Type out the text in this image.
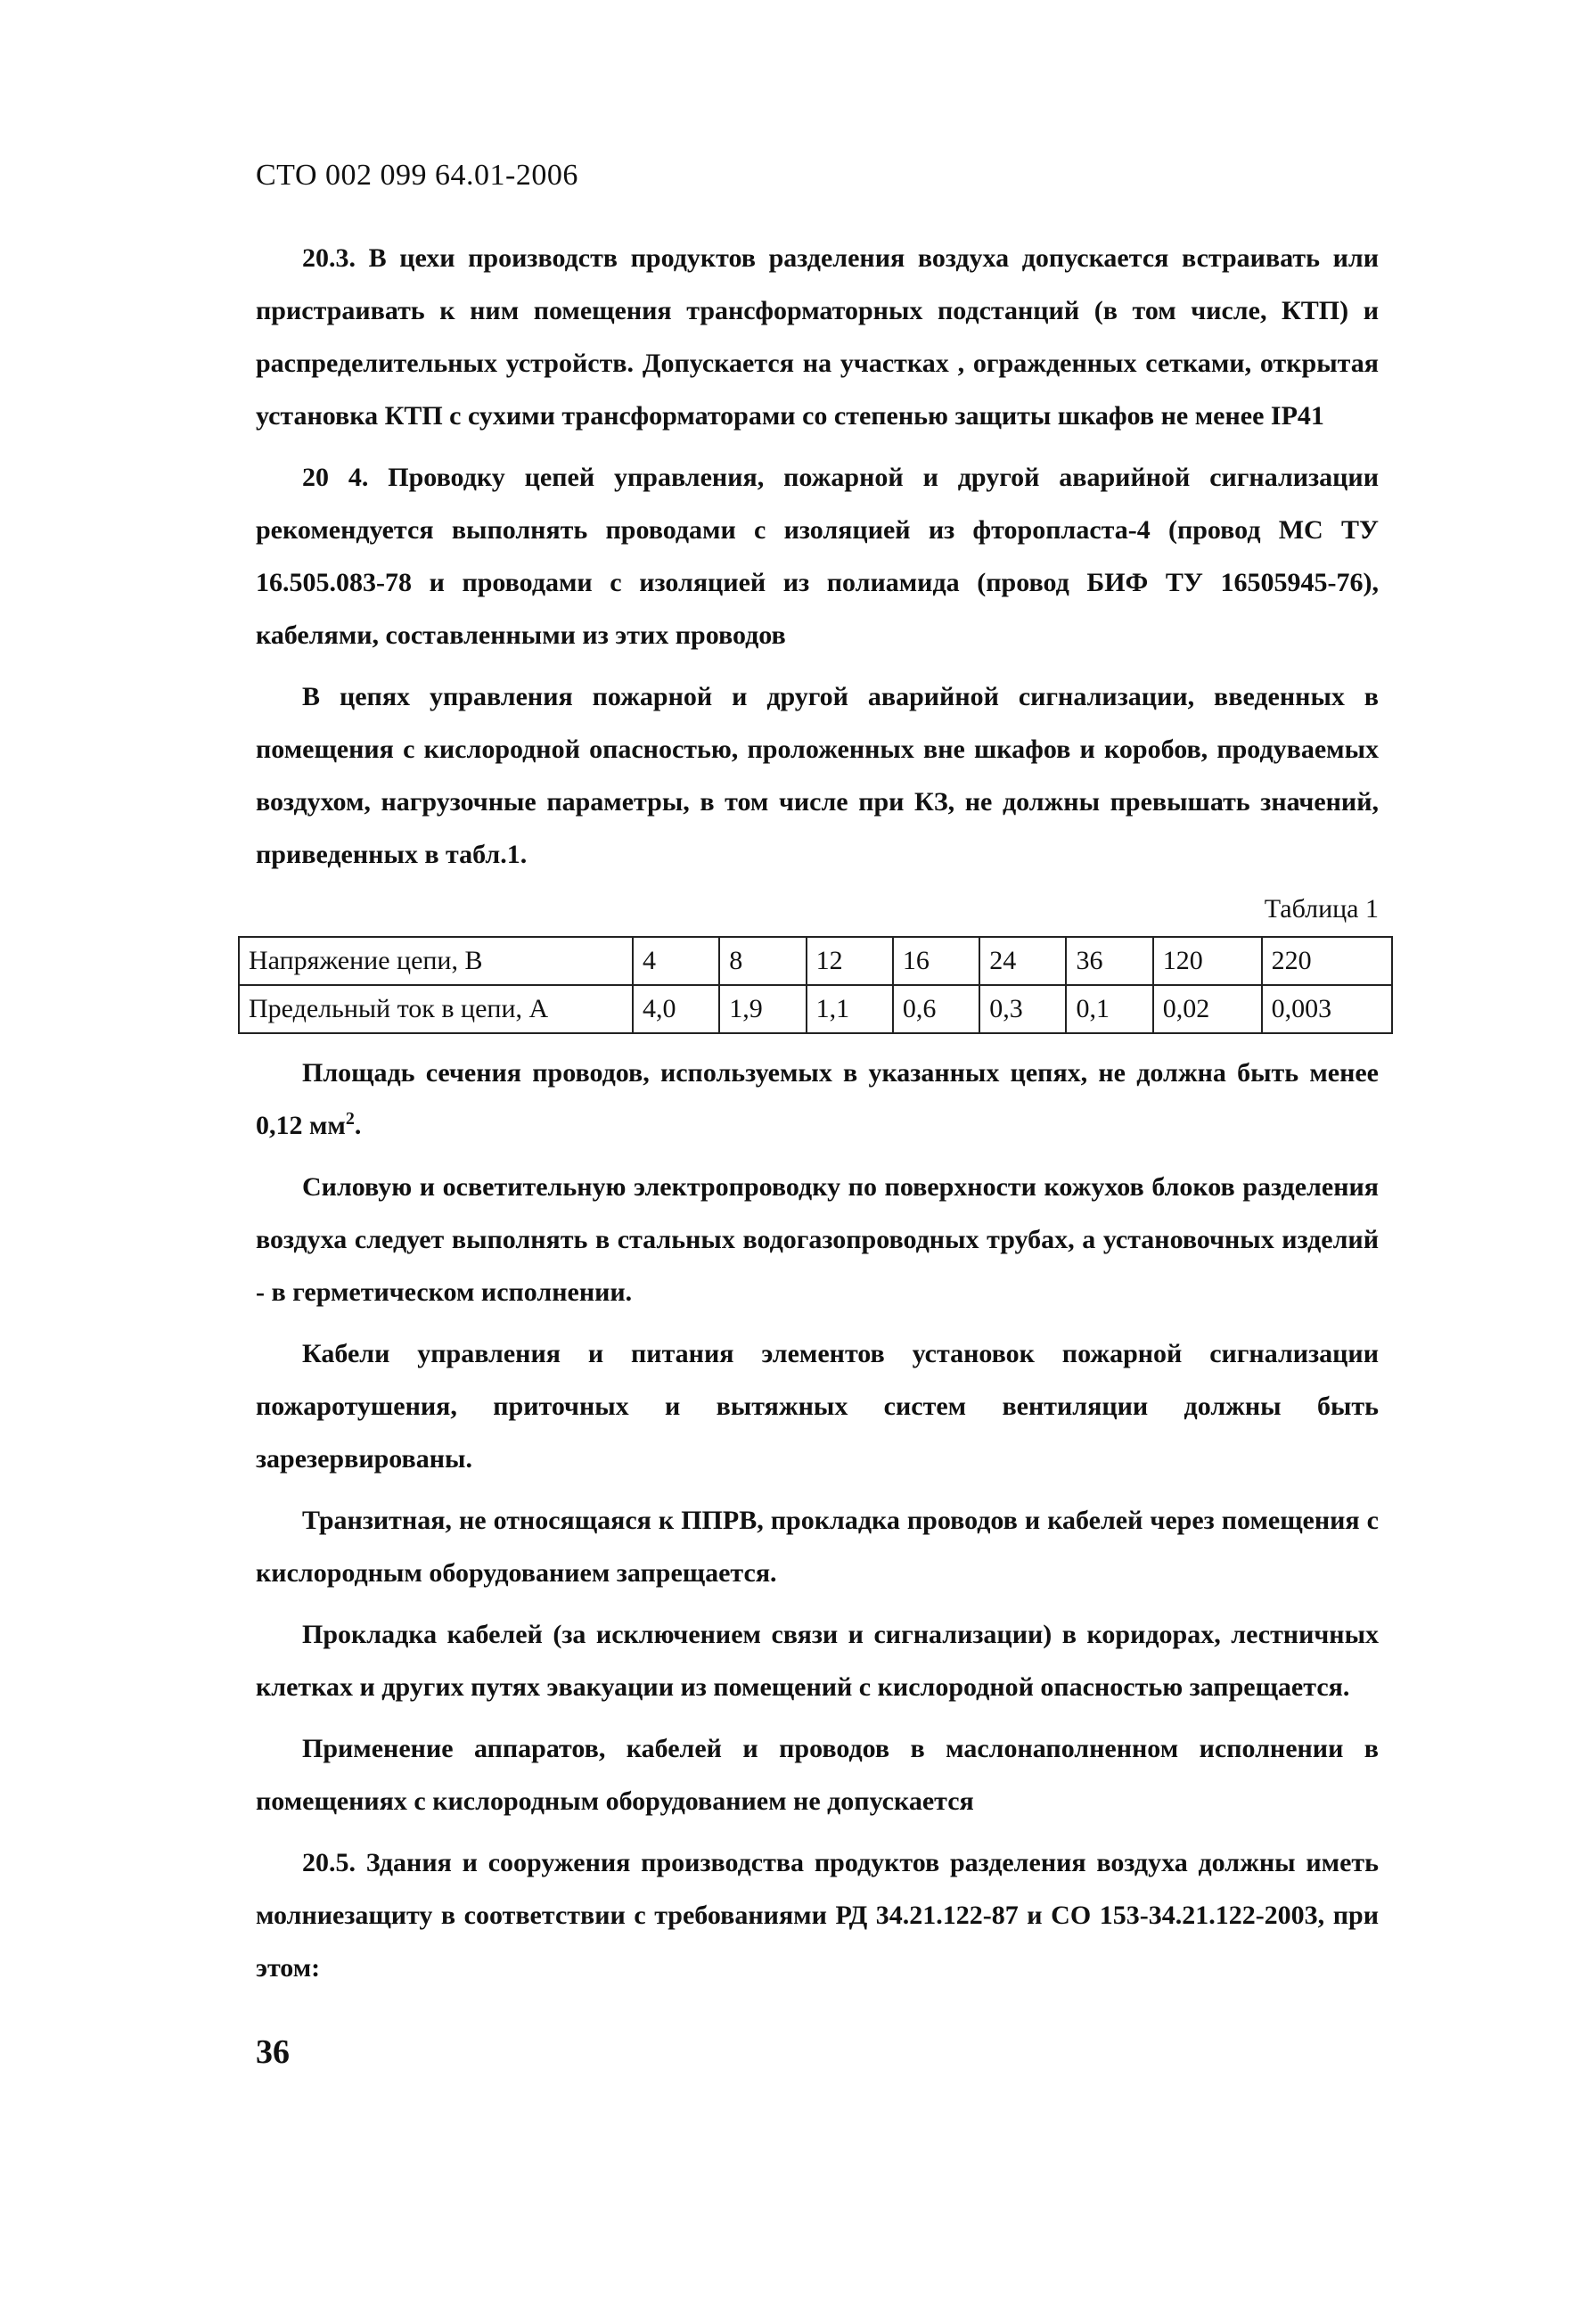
СТО 002 099 64.01-2006

20.3. В цехи производств продуктов разделения воздуха допускается встраивать или пристраивать к ним помещения трансформаторных подстанций (в том числе, КТП) и распределительных устройств. Допускается на участках , огражденных сетками, открытая установка КТП с сухими трансформаторами со степенью защиты шкафов не менее IP41

20 4. Проводку цепей управления, пожарной и другой аварийной сигнализации рекомендуется выполнять проводами с изоляцией из фторопласта-4 (провод МС ТУ 16.505.083-78 и проводами с изоляцией из полиамида (провод БИФ ТУ 16505945-76), кабелями, составленными из этих проводов

В цепях управления пожарной и другой аварийной сигнализации, введенных в помещения с кислородной опасностью, проложенных вне шкафов и коробов, продуваемых воздухом, нагрузочные параметры, в том числе при КЗ, не должны превышать значений, приведенных в табл.1.

Таблица 1
Напряжение цепи, В	4	8	12	16	24	36	120	220
Предельный ток в цепи, А	4,0	1,9	1,1	0,6	0,3	0,1	0,02	0,003

Площадь сечения проводов, используемых в указанных цепях, не должна быть менее 0,12 $мм^2$.

Силовую и осветительную электропроводку по поверхности кожухов блоков разделения воздуха следует выполнять в стальных водогазопроводных трубах, а установочных изделий - в герметическом исполнении.

Кабели управления и питания элементов установок пожарной сигнализации пожаротушения, приточных и вытяжных систем вентиляции должны быть зарезервированы.

Транзитная, не относящаяся к ППРВ, прокладка проводов и кабелей через помещения с кислородным оборудованием запрещается.

Прокладка кабелей (за исключением связи и сигнализации) в коридорах, лестничных клетках и других путях эвакуации из помещений с кислородной опасностью запрещается.

Применение аппаратов, кабелей и проводов в маслонаполненном исполнении в помещениях с кислородным оборудованием не допускается

20.5. Здания и сооружения производства продуктов разделения воздуха должны иметь молниезащиту в соответствии с требованиями РД 34.21.122-87 и СО 153-34.21.122-2003, при этом:

36
